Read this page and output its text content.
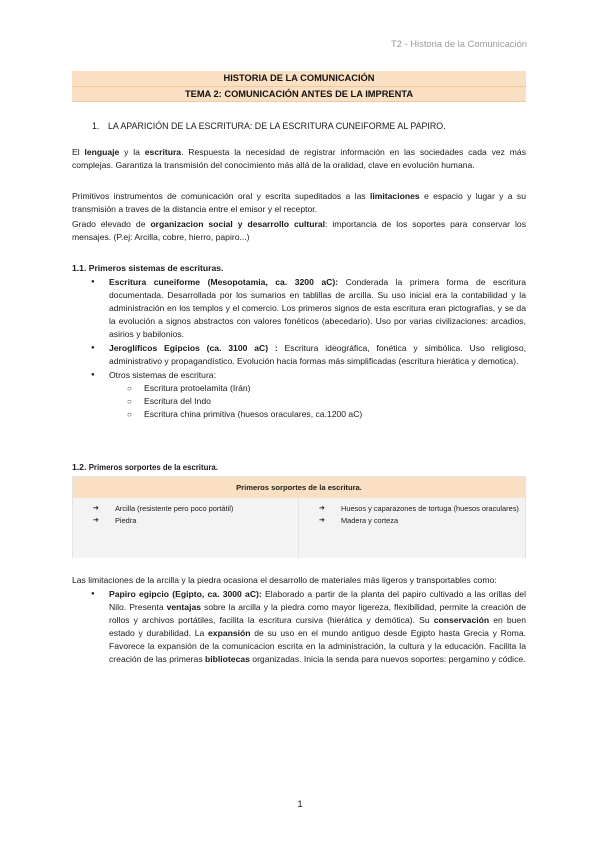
T2 - Historia de la Comunicación
HISTORIA DE LA COMUNICACIÓN
TEMA 2: COMUNICACIÓN ANTES DE LA IMPRENTA
1. LA APARICIÓN DE LA ESCRITURA: DE LA ESCRITURA CUNEIFORME AL PAPIRO.
El lenguaje y la escritura. Respuesta la necesidad de registrar información en las sociedades cada vez más complejas. Garantiza la transmisión del conocimiento más allá de la oralidad, clave en evolución humana.
Primitivos instrumentos de comunicación oral y escrita supeditados a las limitaciones e espacio y lugar y a su transmisión a traves de la distancia entre el emisor y el receptor.
Grado elevado de organizacion social y desarrollo cultural: importancia de los soportes para conservar los mensajes. (P.ej: Arcilla, cobre, hierro, papiro...)
1.1. Primeros sistemas de escrituras.
● Escritura cuneiforme (Mesopotamia, ca. 3200 aC): Conderada la primera forma de escritura documentada. Desarrollada por los sumarios en tablillas de arcilla. Su uso inicial era la contabilidad y la administración en los templos y el comercio. Los primeros signos de esta escritura eran pictografías, y se da la evolución a signos abstractos con valores fonéticos (abecedario). Uso por varias civilizaciones: arcadios, asirios y babilonios.
● Jeroglíficos Egipcios (ca. 3100 aC) : Escritura ideográfica, fonética y simbólica. Uso religioso, administrativo y propagandístico. Evolución hacia formas más simplificadas (escritura hierática y demotica).
● Otros sistemas de escritura:
○ Escritura protoelamita (Irán)
○ Escritura del Indo
○ Escritura china primitiva (huesos oraculares, ca.1200 aC)
1.2. Primeros sorportes de la escritura.
Primeros sorportes de la escritura.
➔ Arcilla (resistente pero poco portátil)
➔ Piedra
➔ Huesos y caparazones de tortuga (huesos oraculares)
➔ Madera y corteza
Las limitaciones de la arcilla y la piedra ocasiona el desarrollo de materiales más ligeros y transportables como:
● Papiro egipcio (Egipto, ca. 3000 aC): Elaborado a partir de la planta del papiro cultivado a las orillas del Nilo. Presenta ventajas sobre la arcilla y la piedra como mayor ligereza, flexibilidad, permite la creación de rollos y archivos portátiles, facilita la escritura cursiva (hierática y demótica). Su conservación en buen estado y durabilidad. La expansión de su uso en el mundo antiguo desde Egipto hasta Grecia y Roma. Favorece la expansión de la comunicacion escrita en la administración, la cultura y la educación. Facilita la creación de las primeras bibliotecas organizadas. Inicia la senda para nuevos soportes: pergamino y códice.
1
